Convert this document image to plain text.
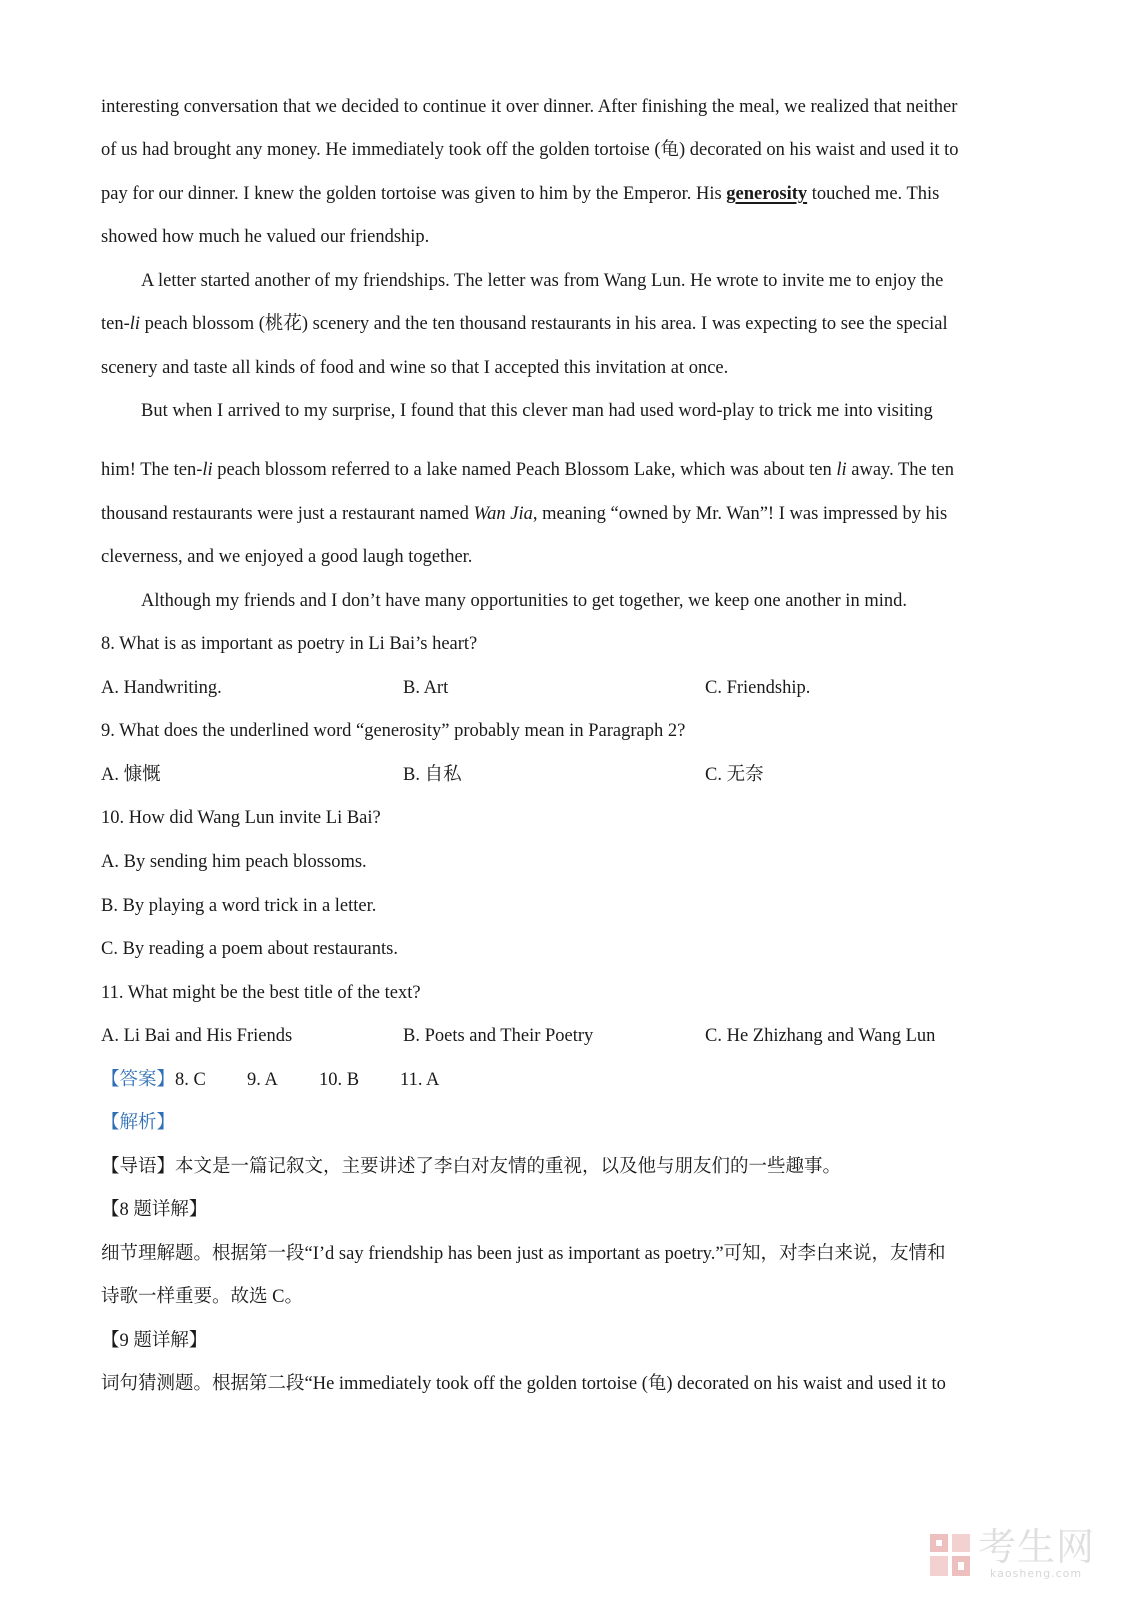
interesting conversation that we decided to continue it over dinner. After finishing the meal, we realized that neither
of us had brought any money. He immediately took off the golden tortoise (龟) decorated on his waist and used it to
pay for our dinner. I knew the golden tortoise was given to him by the Emperor. His generosity touched me. This
showed how much he valued our friendship.
A letter started another of my friendships. The letter was from Wang Lun. He wrote to invite me to enjoy the
ten-li peach blossom (桃花) scenery and the ten thousand restaurants in his area. I was expecting to see the special
scenery and taste all kinds of food and wine so that I accepted this invitation at once.
But when I arrived to my surprise, I found that this clever man had used word-play to trick me into visiting
him! The ten-li peach blossom referred to a lake named Peach Blossom Lake, which was about ten li away. The ten
thousand restaurants were just a restaurant named Wan Jia, meaning “owned by Mr. Wan”! I was impressed by his
cleverness, and we enjoyed a good laugh together.
Although my friends and I don’t have many opportunities to get together, we keep one another in mind.
8. What is as important as poetry in Li Bai’s heart?
A. Handwriting.	B. Art	C. Friendship.
9. What does the underlined word “generosity” probably mean in Paragraph 2?
A. 慷慨	B. 自私	C. 无奈
10. How did Wang Lun invite Li Bai?
A. By sending him peach blossoms.
B. By playing a word trick in a letter.
C. By reading a poem about restaurants.
11. What might be the best title of the text?
A. Li Bai and His Friends	B. Poets and Their Poetry	C. He Zhizhang and Wang Lun
【答案】8. C 9. A 10. B 11. A
【解析】
【导语】本文是一篇记叙文，主要讲述了李白对友情的重视，以及他与朋友们的一些趣事。
【8 题详解】
细节理解题。根据第一段“I’d say friendship has been just as important as poetry.”可知，对李白来说，友情和
诗歌一样重要。故选 C。
【9 题详解】
词句猜测题。根据第二段“He immediately took off the golden tortoise (龟) decorated on his waist and used it to
考生网
kaosheng.com
